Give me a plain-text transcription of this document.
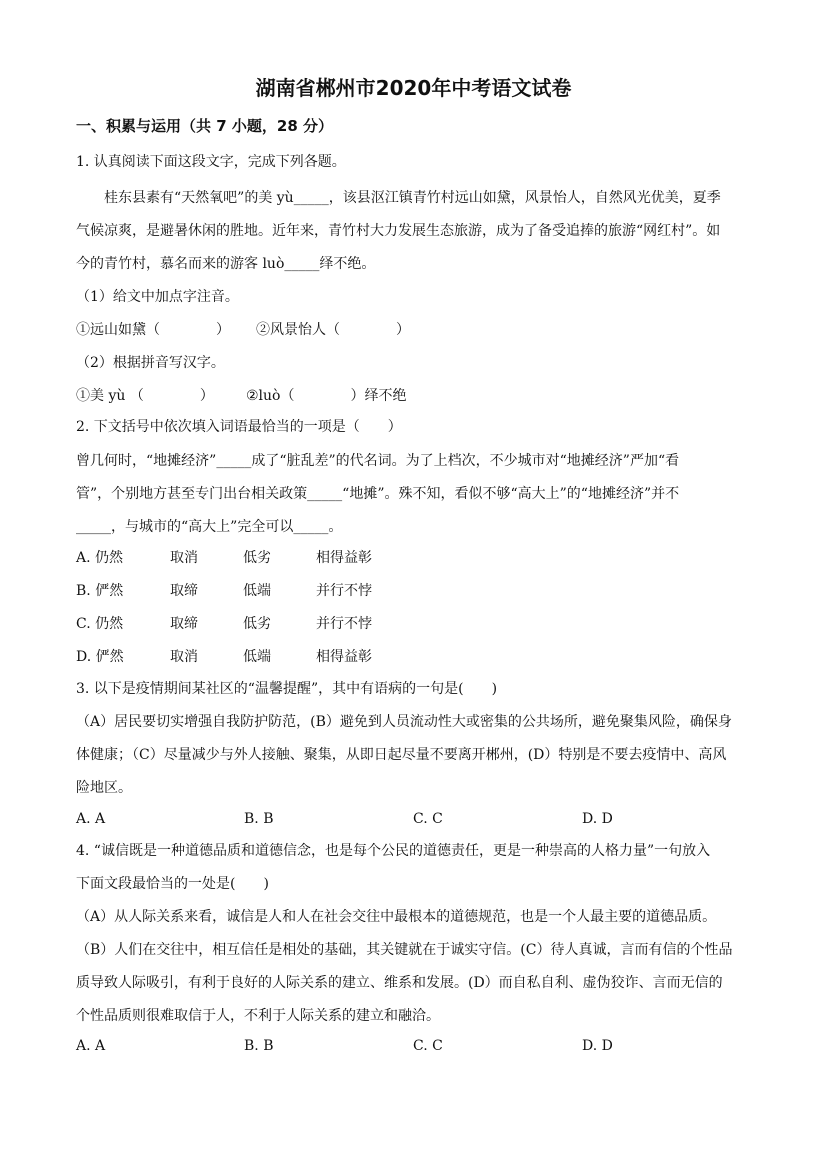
湖南省郴州市2020年中考语文试卷
一、积累与运用（共 7 小题，28 分）
1. 认真阅读下面这段文字，完成下列各题。
桂东县素有“天然氧吧”的美 yù_____，该县沤江镇青竹村远山如黛，风景怡人，自然风光优美，夏季
气候凉爽，是避暑休闲的胜地。近年来，青竹村大力发展生态旅游，成为了备受追捧的旅游“网红村”。如
今的青竹村，慕名而来的游客 luò_____绎不绝。
（1）给文中加点字注音。
①远山如黛（　　　　） ②风景怡人（　　　　）
（2）根据拼音写汉字。
①美 yù （　　　　） ②luò（　　　　）绎不绝
2. 下文括号中依次填入词语最恰当的一项是（　　）
曾几何时，“地摊经济”_____成了“脏乱差”的代名词。为了上档次，不少城市对“地摊经济”严加“看
管”，个别地方甚至专门出台相关政策_____“地摊”。殊不知，看似不够“高大上”的“地摊经济”并不
_____，与城市的“高大上”完全可以_____。
A. 仍然	取消	低劣	相得益彰
B. 俨然	取缔	低端	并行不悖
C. 仍然	取缔	低劣	并行不悖
D. 俨然	取消	低端	相得益彰
3. 以下是疫情期间某社区的“温馨提醒”，其中有语病的一句是(　　)
（A）居民要切实增强自我防护防范，(B）避免到人员流动性大或密集的公共场所，避免聚集风险，确保身
体健康；（C）尽量减少与外人接触、聚集，从即日起尽量不要离开郴州，(D）特别是不要去疫情中、高风
险地区。
A. A	B. B	C. C	D. D
4. “诚信既是一种道德品质和道德信念，也是每个公民的道德责任，更是一种崇高的人格力量”一句放入
下面文段最恰当的一处是(　　)
（A）从人际关系来看，诚信是人和人在社会交往中最根本的道德规范，也是一个人最主要的道德品质。
（B）人们在交往中，相互信任是相处的基础，其关键就在于诚实守信。(C）待人真诚，言而有信的个性品
质导致人际吸引，有利于良好的人际关系的建立、维系和发展。(D）而自私自利、虚伪狡诈、言而无信的
个性品质则很难取信于人，不利于人际关系的建立和融洽。
A. A	B. B	C. C	D. D
